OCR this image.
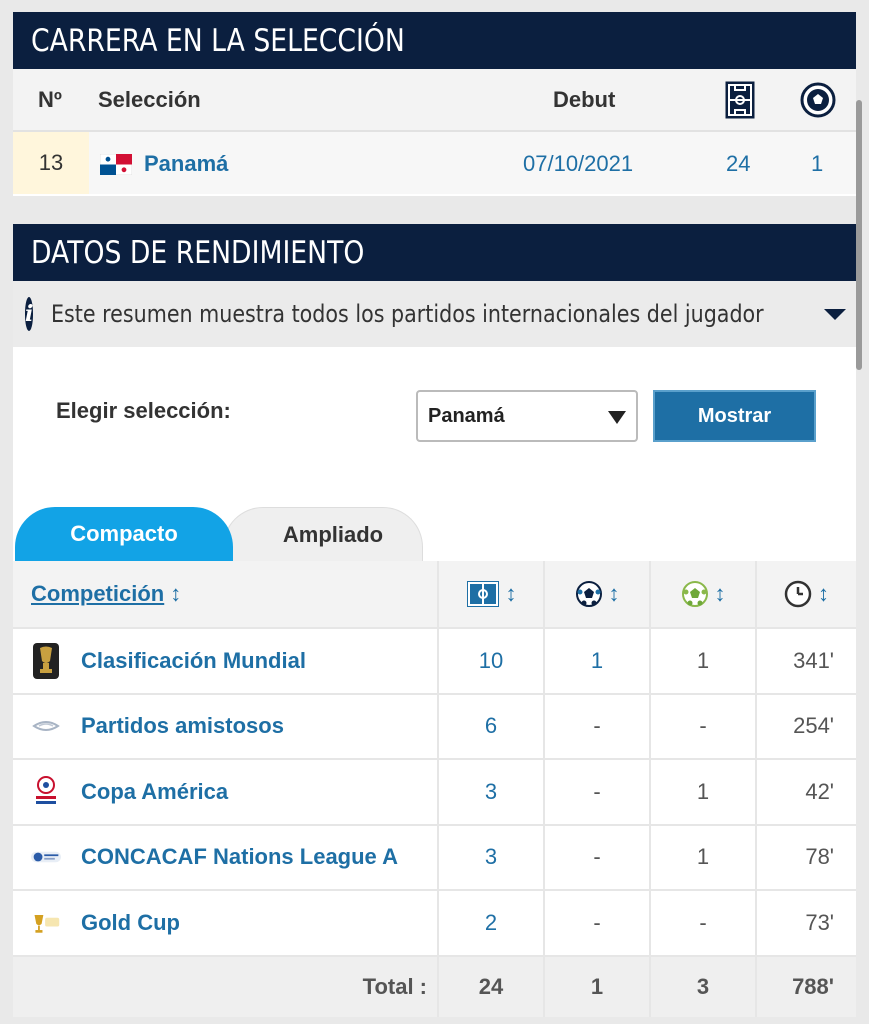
CARRERA EN LA SELECCIÓN
Nº Selección	Debut
13	Panamá	07/10/2021	24	1
DATOS DE RENDIMIENTO
i Este resumen muestra todos los partidos internacionales del jugador
Elegir selección:	Panamá	Mostrar
Ampliado
Compacto
Competición ↕	↕	↕	↕	↕
Clasificación Mundial	10	1	1	341'
Partidos amistosos	6	-	-	254'
Copa América	3	-	1	42'
CONCACAF Nations League A	3	-	1	78'
Gold Cup	2	-	-	73'
Total :	24	1	3	788'
